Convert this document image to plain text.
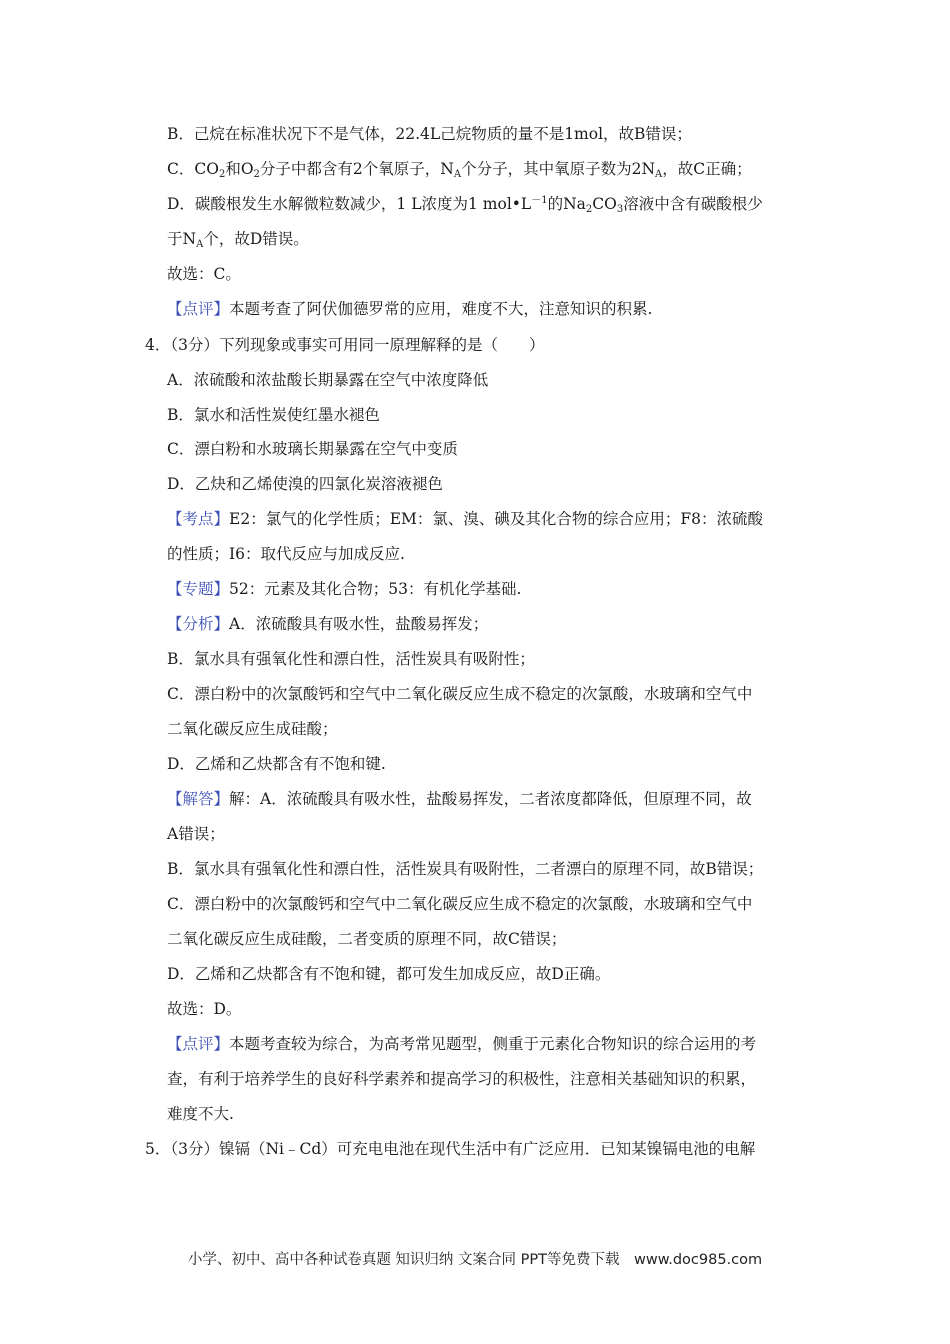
B．己烷在标准状况下不是气体，22.4L己烷物质的量不是1mol，故B错误；
C．$CO_2$和$O_2$分子中都含有2个氧原子，$N_A$个分子，其中氧原子数为$2N_A$，故C正确；
D．碳酸根发生水解微粒数减少，1 L浓度为1 $mol•L^{-1}$的$Na_2CO_3$溶液中含有碳酸根少
于$N_A$个，故D错误。
故选：C。
【点评】本题考查了阿伏伽德罗常的应用，难度不大，注意知识的积累.
4．（3分）下列现象或事实可用同一原理解释的是（　　）
A．浓硫酸和浓盐酸长期暴露在空气中浓度降低
B．氯水和活性炭使红墨水褪色
C．漂白粉和水玻璃长期暴露在空气中变质
D．乙炔和乙烯使溴的四氯化炭溶液褪色
【考点】E2：氯气的化学性质；EM：氯、溴、碘及其化合物的综合应用；F8：浓硫酸
的性质；I6：取代反应与加成反应.
【专题】52：元素及其化合物；53：有机化学基础.
【分析】A．浓硫酸具有吸水性，盐酸易挥发；
B．氯水具有强氧化性和漂白性，活性炭具有吸附性；
C．漂白粉中的次氯酸钙和空气中二氧化碳反应生成不稳定的次氯酸，水玻璃和空气中
二氧化碳反应生成硅酸；
D．乙烯和乙炔都含有不饱和键.
【解答】解：A．浓硫酸具有吸水性，盐酸易挥发，二者浓度都降低，但原理不同，故
A错误；
B．氯水具有强氧化性和漂白性，活性炭具有吸附性，二者漂白的原理不同，故B错误；
C．漂白粉中的次氯酸钙和空气中二氧化碳反应生成不稳定的次氯酸，水玻璃和空气中
二氧化碳反应生成硅酸，二者变质的原理不同，故C错误；
D．乙烯和乙炔都含有不饱和键，都可发生加成反应，故D正确。
故选：D。
【点评】本题考查较为综合，为高考常见题型，侧重于元素化合物知识的综合运用的考
查，有利于培养学生的良好科学素养和提高学习的积极性，注意相关基础知识的积累，
难度不大.
5．（3分）镍镉（Ni﹣Cd）可充电电池在现代生活中有广泛应用．已知某镍镉电池的电解
小学、初中、高中各种试卷真题 知识归纳 文案合同 PPT等免费下载　www.doc985.com
